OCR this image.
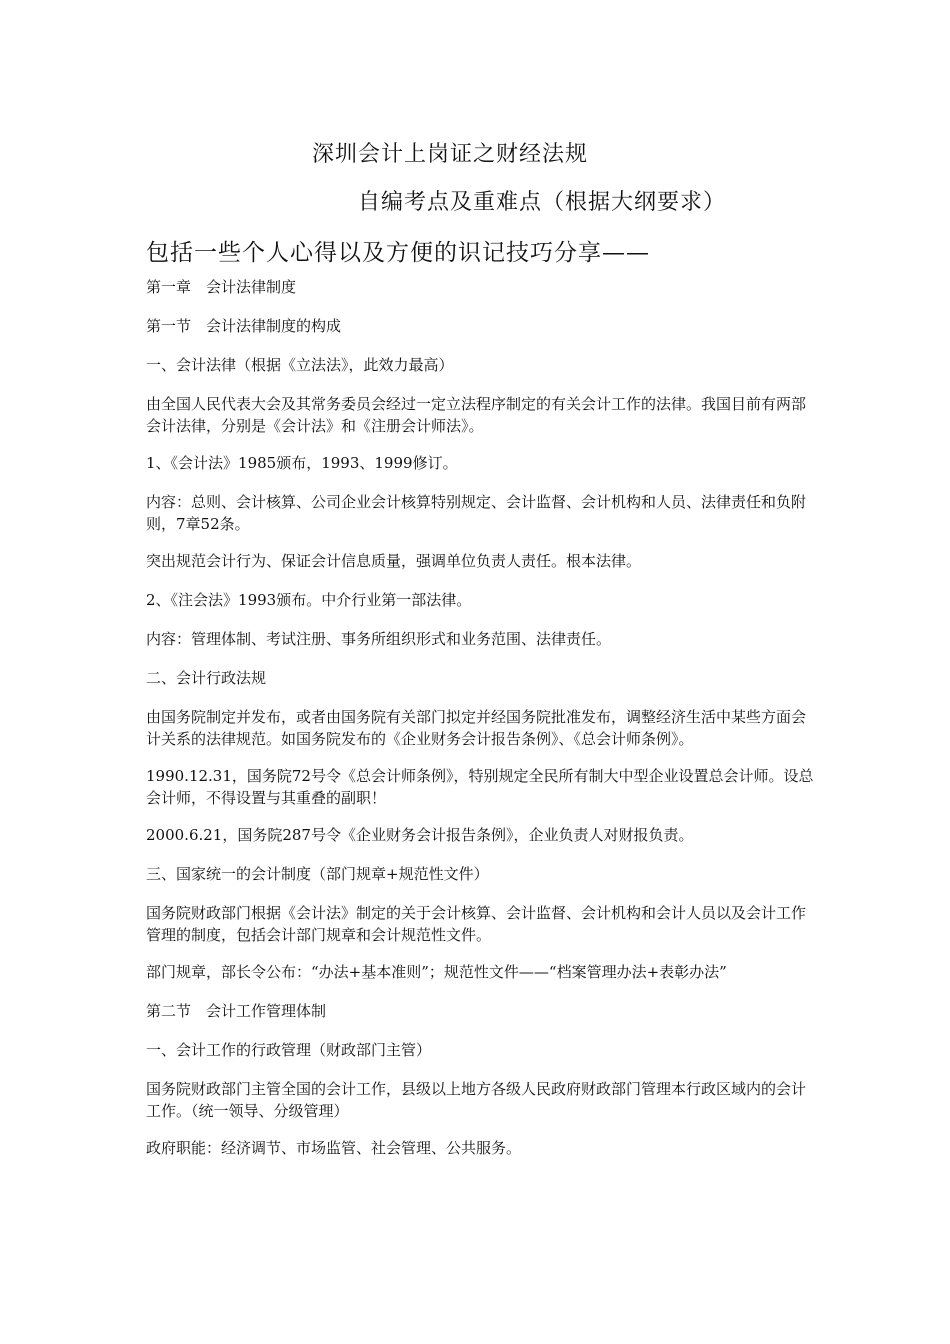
深圳会计上岗证之财经法规
自编考点及重难点（根据大纲要求）
包括一些个人心得以及方便的识记技巧分享——

第一章　会计法律制度

第一节　会计法律制度的构成

一、会计法律（根据《立法法》，此效力最高）

由全国人民代表大会及其常务委员会经过一定立法程序制定的有关会计工作的法律。我国目前有两部会计法律，分别是《会计法》和《注册会计师法》。

1、《会计法》1985颁布，1993、1999修订。

内容：总则、会计核算、公司企业会计核算特别规定、会计监督、会计机构和人员、法律责任和负附则，7章52条。

突出规范会计行为、保证会计信息质量，强调单位负责人责任。根本法律。

2、《注会法》1993颁布。中介行业第一部法律。

内容：管理体制、考试注册、事务所组织形式和业务范围、法律责任。

二、会计行政法规

由国务院制定并发布，或者由国务院有关部门拟定并经国务院批准发布，调整经济生活中某些方面会计关系的法律规范。如国务院发布的《企业财务会计报告条例》、《总会计师条例》。

1990.12.31，国务院72号令《总会计师条例》，特别规定全民所有制大中型企业设置总会计师。设总会计师，不得设置与其重叠的副职！

2000.6.21，国务院287号令《企业财务会计报告条例》，企业负责人对财报负责。

三、国家统一的会计制度（部门规章+规范性文件）

国务院财政部门根据《会计法》制定的关于会计核算、会计监督、会计机构和会计人员以及会计工作管理的制度，包括会计部门规章和会计规范性文件。

部门规章，部长令公布：“办法+基本准则”；规范性文件——“档案管理办法+表彰办法”

第二节　会计工作管理体制

一、会计工作的行政管理（财政部门主管）

国务院财政部门主管全国的会计工作，县级以上地方各级人民政府财政部门管理本行政区域内的会计工作。（统一领导、分级管理）

政府职能：经济调节、市场监管、社会管理、公共服务。
